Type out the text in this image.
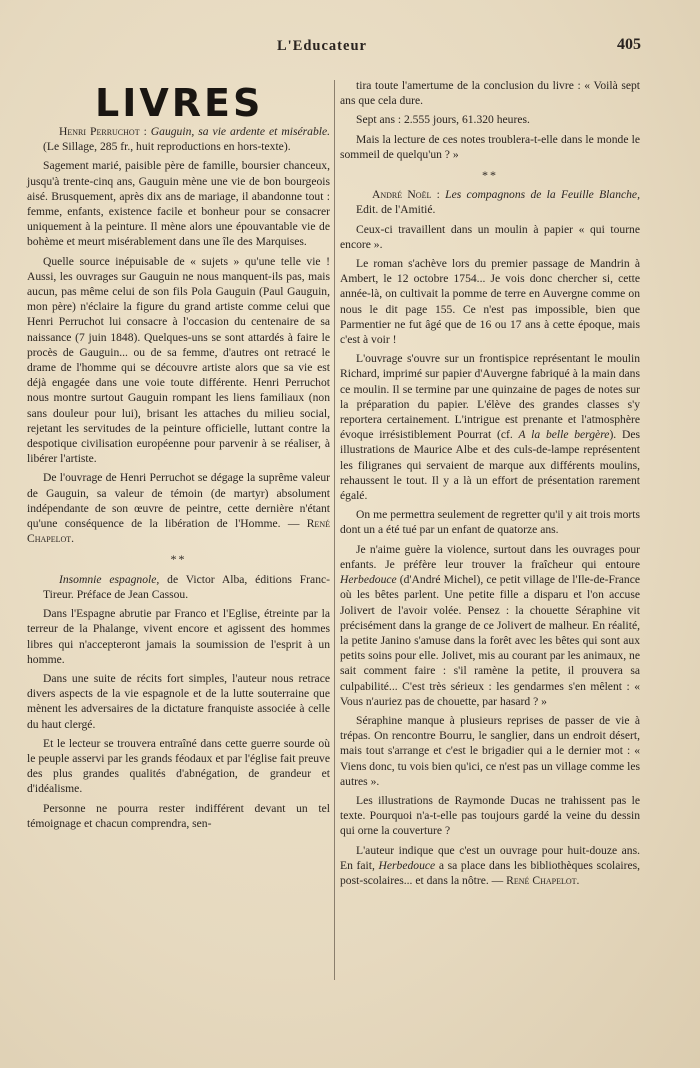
L'Educateur	405
LIVRES

Henri Perruchot : Gauguin, sa vie ardente et misérable. (Le Sillage, 285 fr., huit reproductions en hors-texte).

Sagement marié, paisible père de famille, boursier chanceux, jusqu'à trente-cinq ans, Gauguin mène une vie de bon bourgeois aisé. Brusquement, après dix ans de mariage, il abandonne tout : femme, enfants, existence facile et bonheur pour se consacrer uniquement à la peinture. Il mène alors une épouvantable vie de bohème et meurt misérablement dans une île des Marquises.

Quelle source inépuisable de « sujets » qu'une telle vie ! Aussi, les ouvrages sur Gauguin ne nous manquent-ils pas, mais aucun, pas même celui de son fils Pola Gauguin (Paul Gauguin, mon père) n'éclaire la figure du grand artiste comme celui que Henri Perruchot lui consacre à l'occasion du centenaire de sa naissance (7 juin 1848). Quelques-uns se sont attardés à faire le procès de Gauguin... ou de sa femme, d'autres ont retracé le drame de l'homme qui se découvre artiste alors que sa vie est déjà engagée dans une voie toute différente. Henri Perruchot nous montre surtout Gauguin rompant les liens familiaux (non sans douleur pour lui), brisant les attaches du milieu social, rejetant les servitudes de la peinture officielle, luttant contre la despotique civilisation européenne pour parvenir à se réaliser, à libérer l'artiste.

De l'ouvrage de Henri Perruchot se dégage la suprême valeur de Gauguin, sa valeur de témoin (de martyr) absolument indépendante de son œuvre de peintre, cette dernière n'étant qu'une conséquence de la libération de l'Homme. — René Chapelot.

**

Insomnie espagnole, de Victor Alba, éditions Franc-Tireur. Préface de Jean Cassou.

Dans l'Espagne abrutie par Franco et l'Eglise, étreinte par la terreur de la Phalange, vivent encore et agissent des hommes libres qui n'accepteront jamais la soumission de l'esprit à un homme.

Dans une suite de récits fort simples, l'auteur nous retrace divers aspects de la vie espagnole et de la lutte souterraine que mènent les adversaires de la dictature franquiste associée à celle du haut clergé.

Et le lecteur se trouvera entraîné dans cette guerre sourde où le peuple asservi par les grands féodaux et par l'église fait preuve des plus grandes qualités d'abnégation, de grandeur et d'idéalisme.

Personne ne pourra rester indifférent devant un tel témoignage et chacun comprendra, sen-

tira toute l'amertume de la conclusion du livre : « Voilà sept ans que cela dure.

Sept ans : 2.555 jours, 61.320 heures.

Mais la lecture de ces notes troublera-t-elle dans le monde le sommeil de quelqu'un ? »

**

André Noël : Les compagnons de la Feuille Blanche, Edit. de l'Amitié.

Ceux-ci travaillent dans un moulin à papier « qui tourne encore ».

Le roman s'achève lors du premier passage de Mandrin à Ambert, le 12 octobre 1754... Je vois donc chercher si, cette année-là, on cultivait la pomme de terre en Auvergne comme on nous le dit page 155. Ce n'est pas impossible, bien que Parmentier ne fut âgé que de 16 ou 17 ans à cette époque, mais c'est à voir !

L'ouvrage s'ouvre sur un frontispice représentant le moulin Richard, imprimé sur papier d'Auvergne fabriqué à la main dans ce moulin. Il se termine par une quinzaine de pages de notes sur la préparation du papier. L'élève des grandes classes s'y reportera certainement. L'intrigue est prenante et l'atmosphère évoque irrésistiblement Pourrat (cf. A la belle bergère). Des illustrations de Maurice Albe et des culs-de-lampe représentent les filigranes qui servaient de marque aux différents moulins, rehaussent le tout. Il y a là un effort de présentation rarement égalé.

On me permettra seulement de regretter qu'il y ait trois morts dont un a été tué par un enfant de quatorze ans.

Je n'aime guère la violence, surtout dans les ouvrages pour enfants. Je préfère leur trouver la fraîcheur qui entoure Herbedouce (d'André Michel), ce petit village de l'Ile-de-France où les bêtes parlent. Une petite fille a disparu et l'on accuse Jolivert de l'avoir volée. Pensez : la chouette Séraphine vit précisément dans la grange de ce Jolivert de malheur. En réalité, la petite Janino s'amuse dans la forêt avec les bêtes qui sont aux petits soins pour elle. Jolivet, mis au courant par les animaux, ne sait comment faire : s'il ramène la petite, il prouvera sa culpabilité... C'est très sérieux : les gendarmes s'en mêlent : « Vous n'auriez pas de chouette, par hasard ? »

Séraphine manque à plusieurs reprises de passer de vie à trépas. On rencontre Bourru, le sanglier, dans un endroit désert, mais tout s'arrange et c'est le brigadier qui a le dernier mot : « Viens donc, tu vois bien qu'ici, ce n'est pas un village comme les autres ».

Les illustrations de Raymonde Ducas ne trahissent pas le texte. Pourquoi n'a-t-elle pas toujours gardé la veine du dessin qui orne la couverture ?

L'auteur indique que c'est un ouvrage pour huit-douze ans. En fait, Herbedouce a sa place dans les bibliothèques scolaires, post-scolaires... et dans la nôtre. — René Chapelot.
